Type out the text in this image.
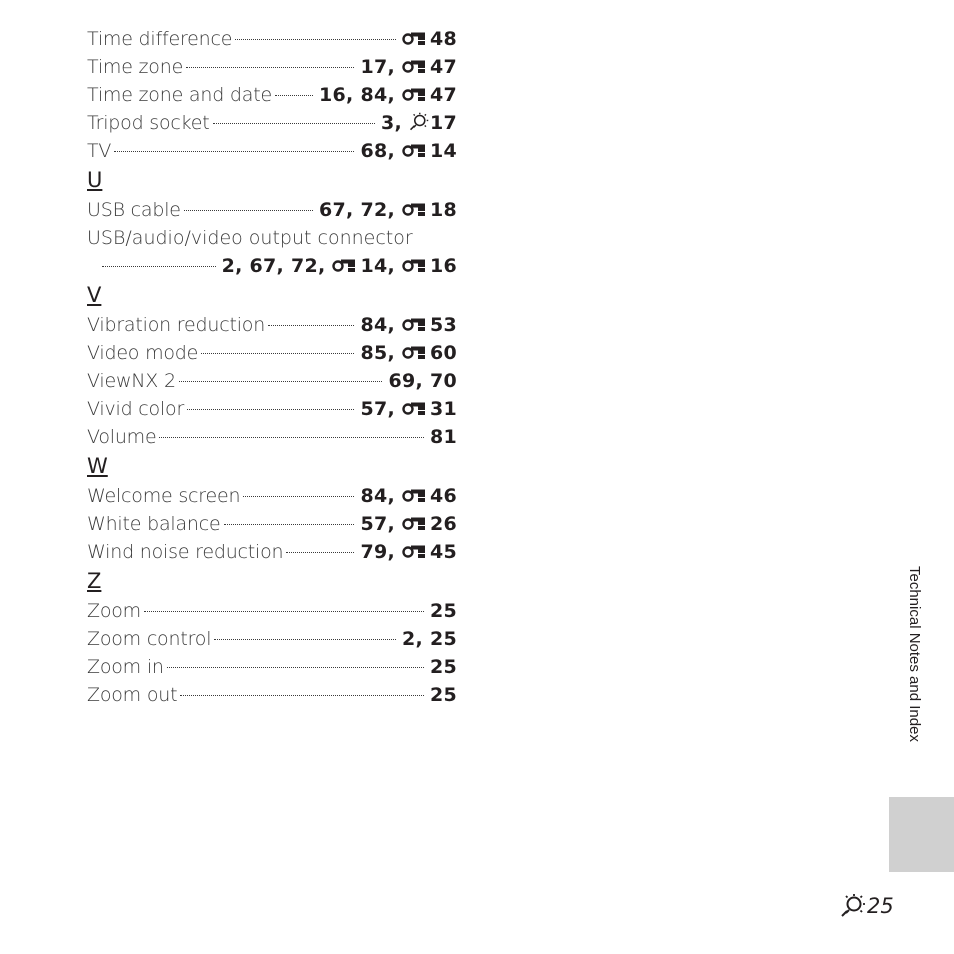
Time difference	48
Time zone	17, 47
Time zone and date 16, 84, 47
Tripod socket	3, 17
TV	68, 14
U
USB cable	67, 72, 18
USB/audio/video output connector
2, 67, 72, 14, 16
V
Vibration reduction	84, 53
Video mode	85, 60
ViewNX 2	69, 70
Vivid color	57, 31
Volume	81
W
Welcome screen	84, 46
White balance	57, 26
Wind noise reduction	79, 45
Z
Zoom	25
Zoom control	2, 25
Zoom in	25
Zoom out	25	Technical Notes and Index
25
